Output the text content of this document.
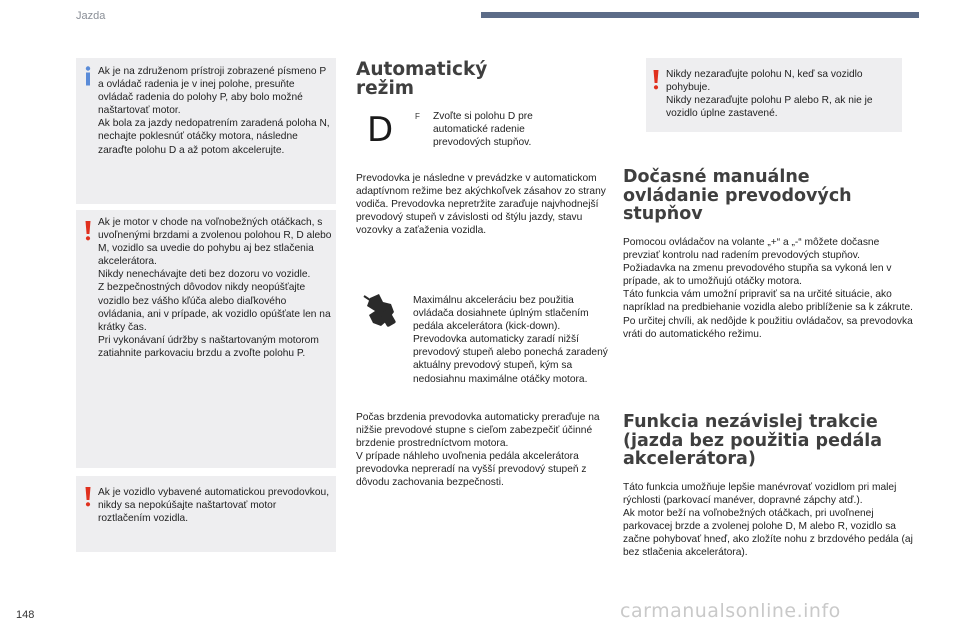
Jazda
Ak je na združenom prístroji zobrazené písmeno P a ovládač radenia je v inej polohe, presuňte ovládač radenia do polohy P, aby bolo možné naštartovať motor.
Ak bola za jazdy nedopatrením zaradená poloha N, nechajte poklesnúť otáčky motora, následne zaraďte polohu D a až potom akcelerujte.
Ak je motor v chode na voľnobežných otáčkach, s uvoľnenými brzdami a zvolenou polohou R, D alebo M, vozidlo sa uvedie do pohybu aj bez stlačenia akcelerátora.
Nikdy nenechávajte deti bez dozoru vo vozidle.
Z bezpečnostných dôvodov nikdy neopúšťajte vozidlo bez vášho kľúča alebo diaľkového ovládania, ani v prípade, ak vozidlo opúšťate len na krátky čas.
Pri vykonávaní údržby s naštartovaným motorom zatiahnite parkovaciu brzdu a zvoľte polohu P.
Ak je vozidlo vybavené automatickou prevodovkou, nikdy sa nepokúšajte naštartovať motor roztlačením vozidla.
Automatický režim
D	F Zvoľte si polohu D pre automatické radenie prevodových stupňov.
Prevodovka je následne v prevádzke v automatickom adaptívnom režime bez akýchkoľvek zásahov zo strany vodiča. Prevodovka nepretržite zaraďuje najvhodnejší prevodový stupeň v závislosti od štýlu jazdy, stavu vozovky a zaťaženia vozidla.
Maximálnu akceleráciu bez použitia ovládača dosiahnete úplným stlačením pedála akcelerátora (kick-down). Prevodovka automaticky zaradí nižší prevodový stupeň alebo ponechá zaradený aktuálny prevodový stupeň, kým sa nedosiahnu maximálne otáčky motora.
Počas brzdenia prevodovka automaticky preraďuje na nižšie prevodové stupne s cieľom zabezpečiť účinné brzdenie prostredníctvom motora.
V prípade náhleho uvoľnenia pedála akcelerátora prevodovka nepreradí na vyšší prevodový stupeň z dôvodu zachovania bezpečnosti.
Nikdy nezaraďujte polohu N, keď sa vozidlo pohybuje.
Nikdy nezaraďujte polohu P alebo R, ak nie je vozidlo úplne zastavené.
Dočasné manuálne ovládanie prevodových stupňov
Pomocou ovládačov na volante „+“ a „-“ môžete dočasne prevziať kontrolu nad radením prevodových stupňov. Požiadavka na zmenu prevodového stupňa sa vykoná len v prípade, ak to umožňujú otáčky motora.
Táto funkcia vám umožní pripraviť sa na určité situácie, ako napríklad na predbiehanie vozidla alebo priblíženie sa k zákrute.
Po určitej chvíli, ak nedôjde k použitiu ovládačov, sa prevodovka vráti do automatického režimu.
Funkcia nezávislej trakcie (jazda bez použitia pedála akcelerátora)
Táto funkcia umožňuje lepšie manévrovať vozidlom pri malej rýchlosti (parkovací manéver, dopravné zápchy atď.).
Ak motor beží na voľnobežných otáčkach, pri uvoľnenej parkovacej brzde a zvolenej polohe D, M alebo R, vozidlo sa začne pohybovať hneď, ako zložíte nohu z brzdového pedála (aj bez stlačenia akcelerátora).
148	carmanualsonline.info
